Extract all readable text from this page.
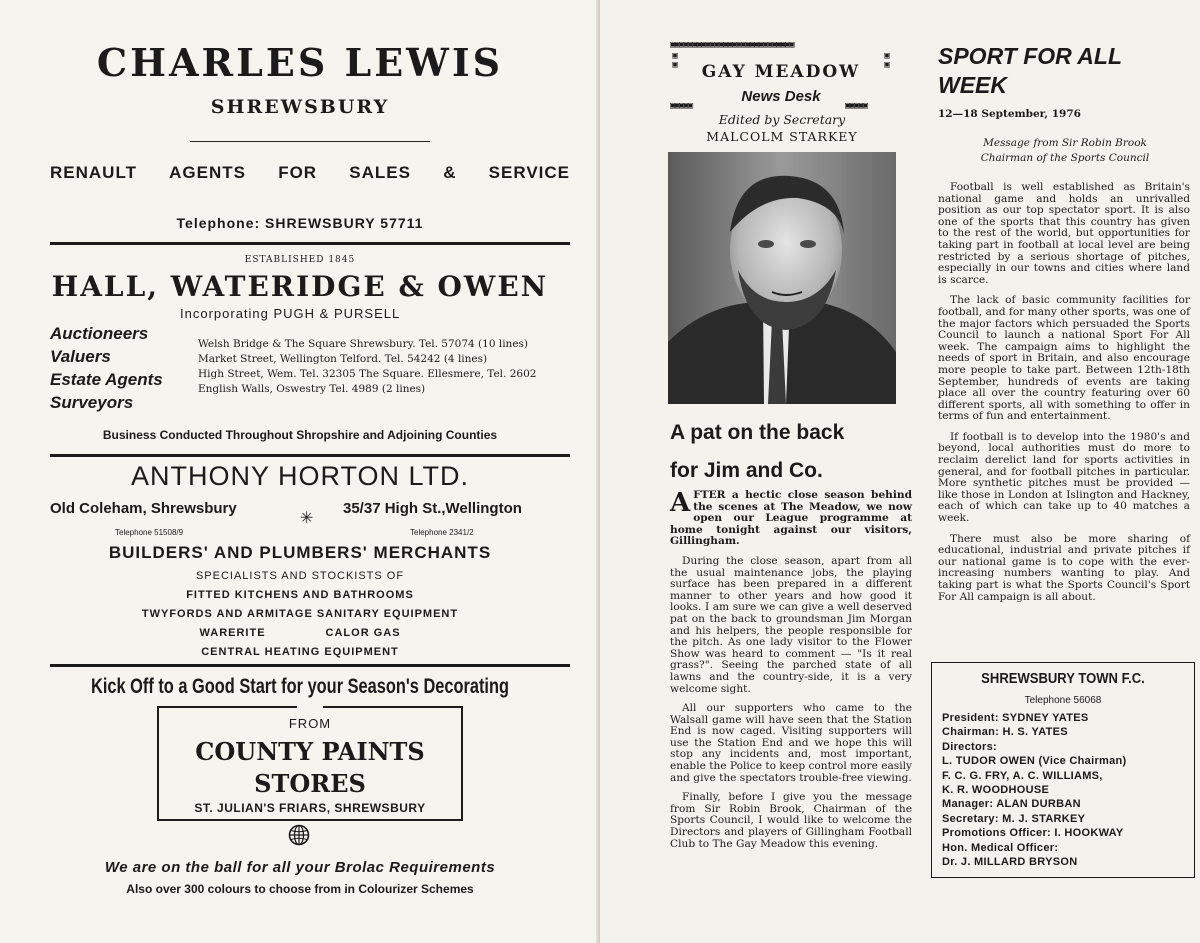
CHARLES LEWIS
SHREWSBURY
RENAULT AGENTS FOR SALES & SERVICE
Telephone: SHREWSBURY 57711
ESTABLISHED 1845
HALL, WATERIDGE & OWEN
Incorporating PUGH & PURSELL
Auctioneers
Valuers
Estate Agents
Surveyors
Welsh Bridge & The Square Shrewsbury. Tel. 57074 (10 lines)
Market Street, Wellington Telford. Tel. 54242 (4 lines)
High Street, Wem. Tel. 32305 The Square. Ellesmere, Tel. 2602
English Walls, Oswestry Tel. 4989 (2 lines)
Business Conducted Throughout Shropshire and Adjoining Counties
ANTHONY HORTON LTD.
Old Coleham, Shrewsbury	✳ 35/37 High St.,Wellington
Telephone 51508/9	Telephone 2341/2
BUILDERS' AND PLUMBERS' MERCHANTS
SPECIALISTS AND STOCKISTS OF
FITTED KITCHENS AND BATHROOMS
TWYFORDS AND ARMITAGE SANITARY EQUIPMENT
WARERITE	CALOR GAS
CENTRAL HEATING EQUIPMENT
Kick Off to a Good Start for your Season's Decorating
FROM
COUNTY PAINTS
STORES
ST. JULIAN'S FRIARS, SHREWSBURY
We are on the ball for all your Brolac Requirements
Also over 300 colours to choose from in Colourizer Schemes
▣▣▣▣▣▣▣▣▣▣▣▣▣▣▣▣▣▣▣▣▣▣▣▣▣▣▣▣
▣
▣
▣
▣
GAY MEADOW
News Desk
▣▣▣▣▣	▣▣▣▣▣
Edited by Secretary
MALCOLM STARKEY
A pat on the back
for Jim and Co.

AFTER a hectic close season behind the scenes at The Meadow, we now open our League programme at home tonight against our visitors, Gillingham.

During the close season, apart from all the usual maintenance jobs, the playing surface has been prepared in a different manner to other years and how good it looks. I am sure we can give a well deserved pat on the back to groundsman Jim Morgan and his helpers, the people responsible for the pitch. As one lady visitor to the Flower Show was heard to comment — "Is it real grass?". Seeing the parched state of all lawns and the country-side, it is a very welcome sight.

All our supporters who came to the Walsall game will have seen that the Station End is now caged. Visiting supporters will use the Station End and we hope this will stop any incidents and, most important, enable the Police to keep control more easily and give the spectators trouble-free viewing.

Finally, before I give you the message from Sir Robin Brook, Chairman of the Sports Council, I would like to welcome the Directors and players of Gillingham Football Club to The Gay Meadow this evening.

SPORT FOR ALL
WEEK
12—18 September, 1976
Message from Sir Robin Brook
Chairman of the Sports Council

Football is well established as Britain's national game and holds an unrivalled position as our top spectator sport. It is also one of the sports that this country has given to the rest of the world, but opportunities for taking part in football at local level are being restricted by a serious shortage of pitches, especially in our towns and cities where land is scarce.

The lack of basic community facilities for football, and for many other sports, was one of the major factors which persuaded the Sports Council to launch a national Sport For All week. The campaign aims to highlight the needs of sport in Britain, and also encourage more people to take part. Between 12th-18th September, hundreds of events are taking place all over the country featuring over 60 different sports, all with something to offer in terms of fun and entertainment.

If football is to develop into the 1980's and beyond, local authorities must do more to reclaim derelict land for sports activities in general, and for football pitches in particular. More synthetic pitches must be provided — like those in London at Islington and Hackney, each of which can take up to 40 matches a week.

There must also be more sharing of educational, industrial and private pitches if our national game is to cope with the ever-increasing numbers wanting to play. And taking part is what the Sports Council's Sport For All campaign is all about.

SHREWSBURY TOWN F.C.
Telephone 56068
President: SYDNEY YATES
Chairman: H. S. YATES
Directors:
L. TUDOR OWEN (Vice Chairman)
F. C. G. FRY, A. C. WILLIAMS,
K. R. WOODHOUSE
Manager: ALAN DURBAN
Secretary: M. J. STARKEY
Promotions Officer: I. HOOKWAY
Hon. Medical Officer:
Dr. J. MILLARD BRYSON
